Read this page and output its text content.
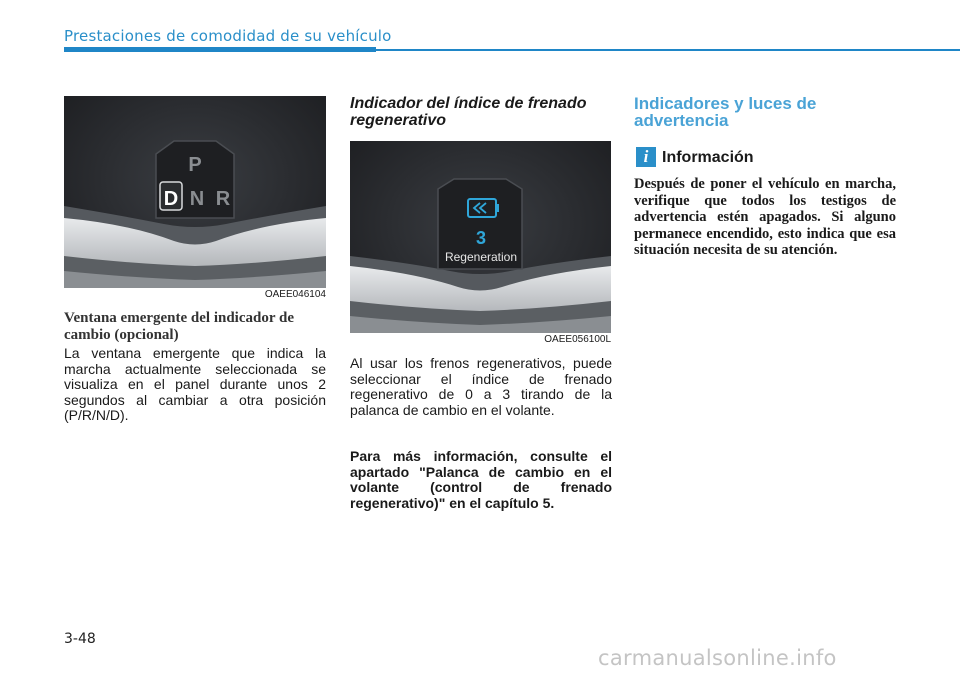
Prestaciones de comodidad de su vehículo
P
D N R
OAEE046104
Ventana emergente del indicador de cambio (opcional)
La ventana emergente que indica la marcha actualmente seleccionada se visualiza en el panel durante unos 2 segundos al cambiar a otra posición (P/R/N/D).
Indicador del índice de frenado regenerativo
3
Regeneration
OAEE056100L
Al usar los frenos regenerativos, puede seleccionar el índice de frenado regenerativo de 0 a 3 tirando de la palanca de cambio en el volante.
Para más información, consulte el apartado "Palanca de cambio en el volante (control de frenado regenerativo)" en el capítulo 5.
Indicadores y luces de advertencia
i Información
Después de poner el vehículo en marcha, verifique que todos los testigos de advertencia estén apagados. Si alguno permanece encendido, esto indica que esa situación necesita de su atención.
3-48
carmanualsonline.info
